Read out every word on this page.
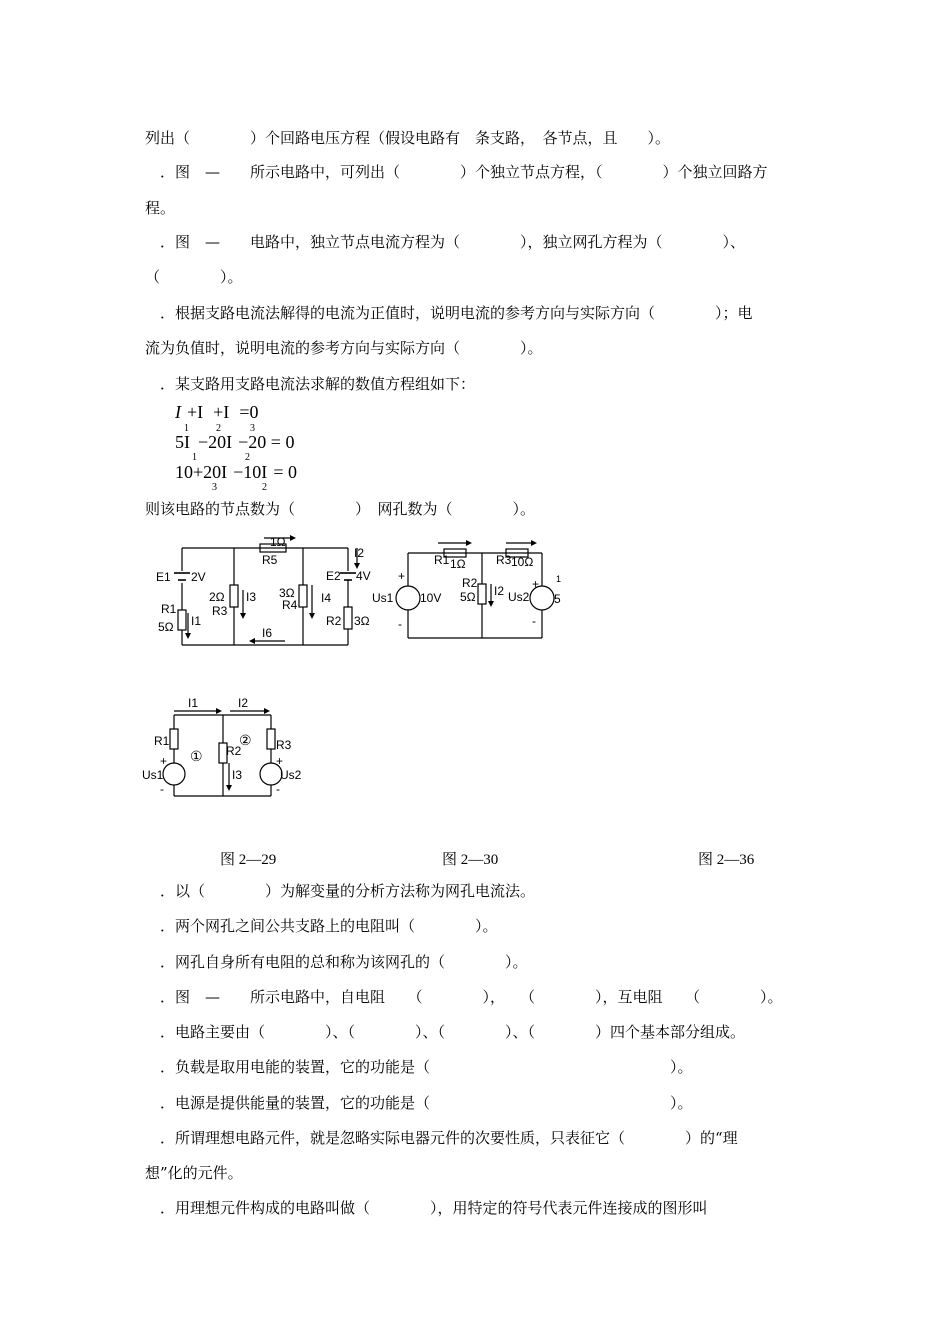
列出（　　　　）个回路电压方程（假设电路有　条支路，　各节点，且　　）。
．图　—　　所示电路中，可列出（　　　　）个独立节点方程，（　　　　）个独立回路方
程。
．图　—　　电路中，独立节点电流方程为（　　　　），独立网孔方程为（　　　　）、
（　　　　）。
．根据支路电流法解得的电流为正值时，说明电流的参考方向与实际方向（　　　　）；电
流为负值时，说明电流的参考方向与实际方向（　　　　）。
．某支路用支路电流法求解的数值方程组如下：
I +I +I =0
1	2	3
5I −20I −20 = 0
1	2
10+20I −10I = 0
3	2
则该电路的节点数为（　　　　）　网孔数为（　　　　）。
E1 2V
R1
5Ω I1
2Ω
R3
I3
1Ω
R5
3Ω
R4 I4
I2
E2 4V
R2 3Ω
I6
+
-
+
-
R1 1Ω	R3 10Ω
R2
5Ω I2
Us1 10V	Us2 5
1
I1	I2
R1
R2	R3
①
②
I3
+
Us1
-
+
Us2
-
图 2—29	图 2—30	图 2—36
．以（　　　　）为解变量的分析方法称为网孔电流法。
．两个网孔之间公共支路上的电阻叫（　　　　）。
．网孔自身所有电阻的总和称为该网孔的（　　　　）。
．图　—　　所示电路中，自电阻　　（　　　　），　　（　　　　），互电阻　　（　　　　）。
．电路主要由（　　　　）、（　　　　）、（　　　　）、（　　　　）四个基本部分组成。
．负载是取用电能的装置，它的功能是（　　　　　　　　　　　　　　　　）。
．电源是提供能量的装置，它的功能是（　　　　　　　　　　　　　　　　）。
．所谓理想电路元件，就是忽略实际电器元件的次要性质，只表征它（　　　　）的“理
想”化的元件。
．用理想元件构成的电路叫做（　　　　），用特定的符号代表元件连接成的图形叫
